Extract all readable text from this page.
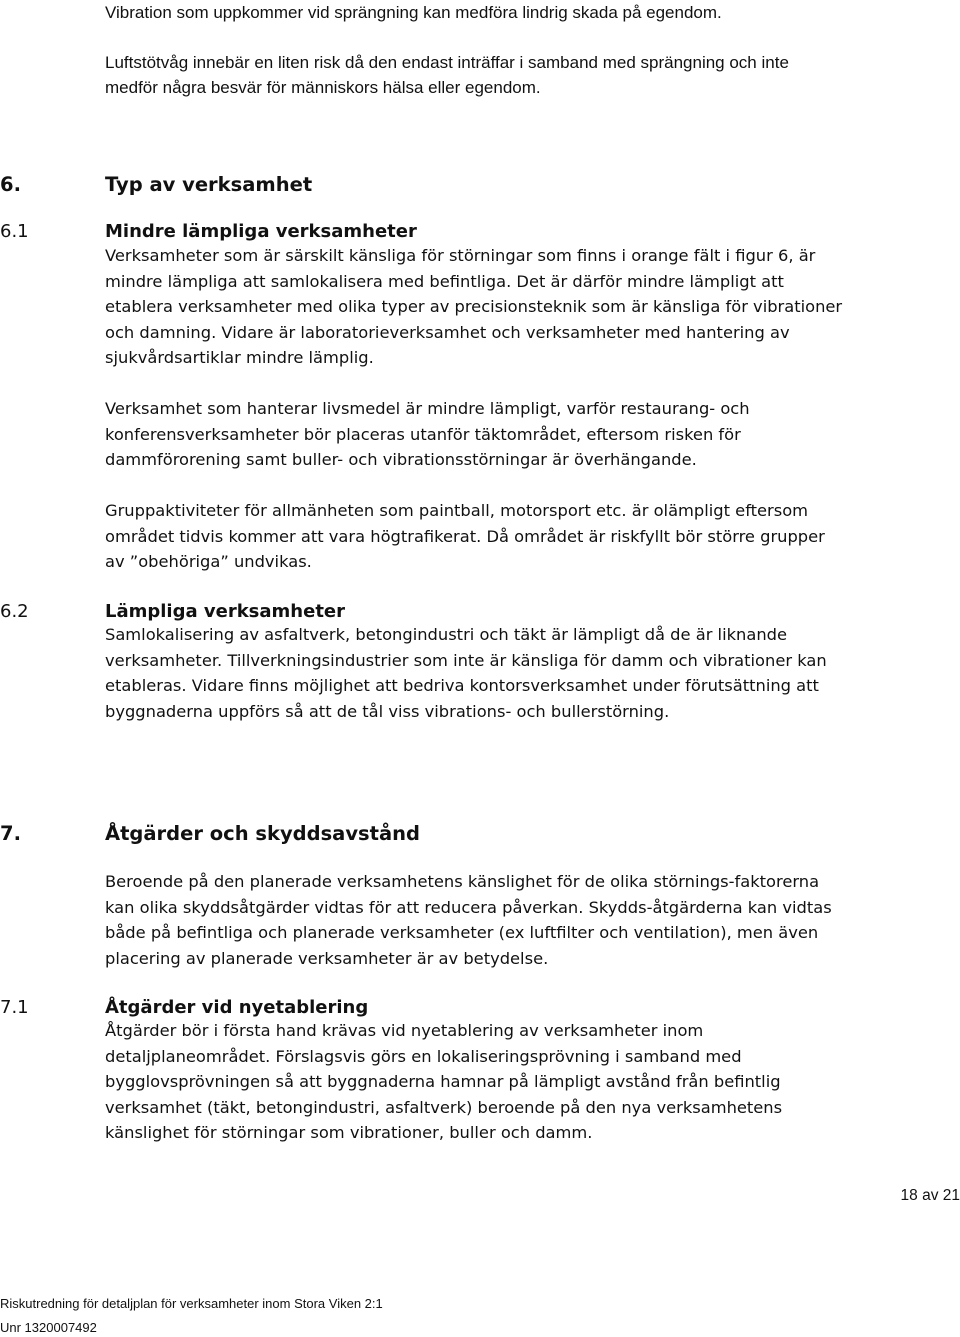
Vibration som uppkommer vid sprängning kan medföra lindrig skada på egendom.

Luftstötvåg innebär en liten risk då den endast inträffar i samband med sprängning och inte medför några besvär för människors hälsa eller egendom.

6.	Typ av verksamhet
6.1	Mindre lämpliga verksamheter

Verksamheter som är särskilt känsliga för störningar som finns i orange fält i figur 6, är mindre lämpliga att samlokalisera med befintliga. Det är därför mindre lämpligt att etablera verksamheter med olika typer av precisionsteknik som är känsliga för vibrationer och damning. Vidare är laboratorieverksamhet och verksamheter med hantering av sjukvårdsartiklar mindre lämplig.

Verksamhet som hanterar livsmedel är mindre lämpligt, varför restaurang- och konferensverksamheter bör placeras utanför täktområdet, eftersom risken för dammförorening samt buller- och vibrationsstörningar är överhängande.

Gruppaktiviteter för allmänheten som paintball, motorsport etc. är olämpligt eftersom området tidvis kommer att vara högtrafikerat. Då området är riskfyllt bör större grupper av ”obehöriga” undvikas.

6.2	Lämpliga verksamheter

Samlokalisering av asfaltverk, betongindustri och täkt är lämpligt då de är liknande verksamheter. Tillverkningsindustrier som inte är känsliga för damm och vibrationer kan etableras. Vidare finns möjlighet att bedriva kontorsverksamhet under förutsättning att byggnaderna uppförs så att de tål viss vibrations- och bullerstörning.

7.	Åtgärder och skyddsavstånd

Beroende på den planerade verksamhetens känslighet för de olika störnings-faktorerna kan olika skyddsåtgärder vidtas för att reducera påverkan. Skydds-åtgärderna kan vidtas både på befintliga och planerade verksamheter (ex luftfilter och ventilation), men även placering av planerade verksamheter är av betydelse.

7.1	Åtgärder vid nyetablering

Åtgärder bör i första hand krävas vid nyetablering av verksamheter inom detaljplaneområdet. Förslagsvis görs en lokaliseringsprövning i samband med bygglovsprövningen så att byggnaderna hamnar på lämpligt avstånd från befintlig verksamhet (täkt, betongindustri, asfaltverk) beroende på den nya verksamhetens känslighet för störningar som vibrationer, buller och damm.

18 av 21
Riskutredning för detaljplan för verksamheter inom Stora Viken 2:1
Unr 1320007492
